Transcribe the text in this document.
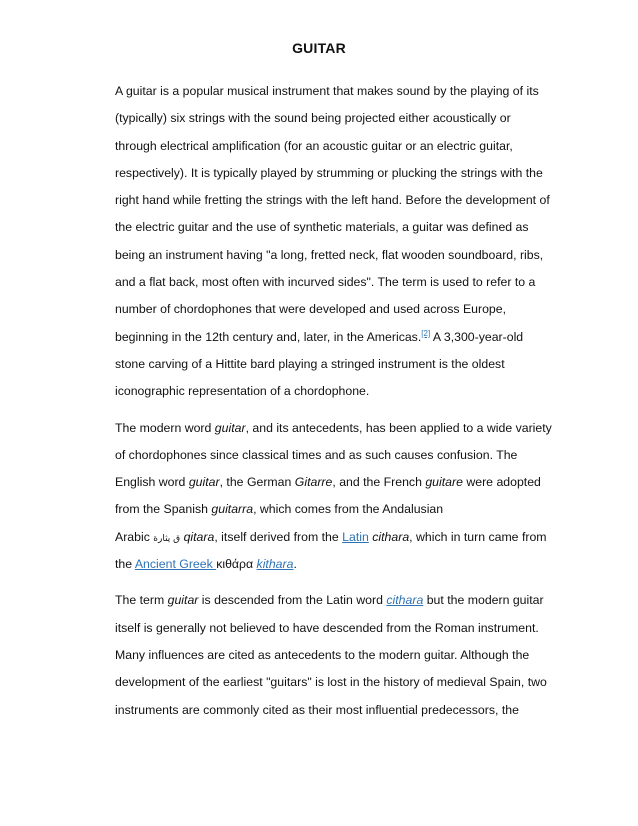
GUITAR
A guitar is a popular musical instrument that makes sound by the playing of its
(typically) six strings with the sound being projected either acoustically or
through electrical amplification (for an acoustic guitar or an electric guitar,
respectively). It is typically played by strumming or plucking the strings with the
right hand while fretting the strings with the left hand. Before the development of
the electric guitar and the use of synthetic materials, a guitar was defined as
being an instrument having "a long, fretted neck, flat wooden soundboard, ribs,
and a flat back, most often with incurved sides". The term is used to refer to a
number of chordophones that were developed and used across Europe,
beginning in the 12th century and, later, in the Americas.[2] A 3,300-year-old
stone carving of a Hittite bard playing a stringed instrument is the oldest
iconographic representation of a chordophone.
The modern word guitar, and its antecedents, has been applied to a wide variety
of chordophones since classical times and as such causes confusion. The
English word guitar, the German Gitarre, and the French guitare were adopted
from the Spanish guitarra, which comes from the Andalusian
Arabic ق يثارة qitara, itself derived from the Latin cithara, which in turn came from
the Ancient Greek κιθάρα kithara.
The term guitar is descended from the Latin word cithara but the modern guitar
itself is generally not believed to have descended from the Roman instrument.
Many influences are cited as antecedents to the modern guitar. Although the
development of the earliest "guitars" is lost in the history of medieval Spain, two
instruments are commonly cited as their most influential predecessors, the
